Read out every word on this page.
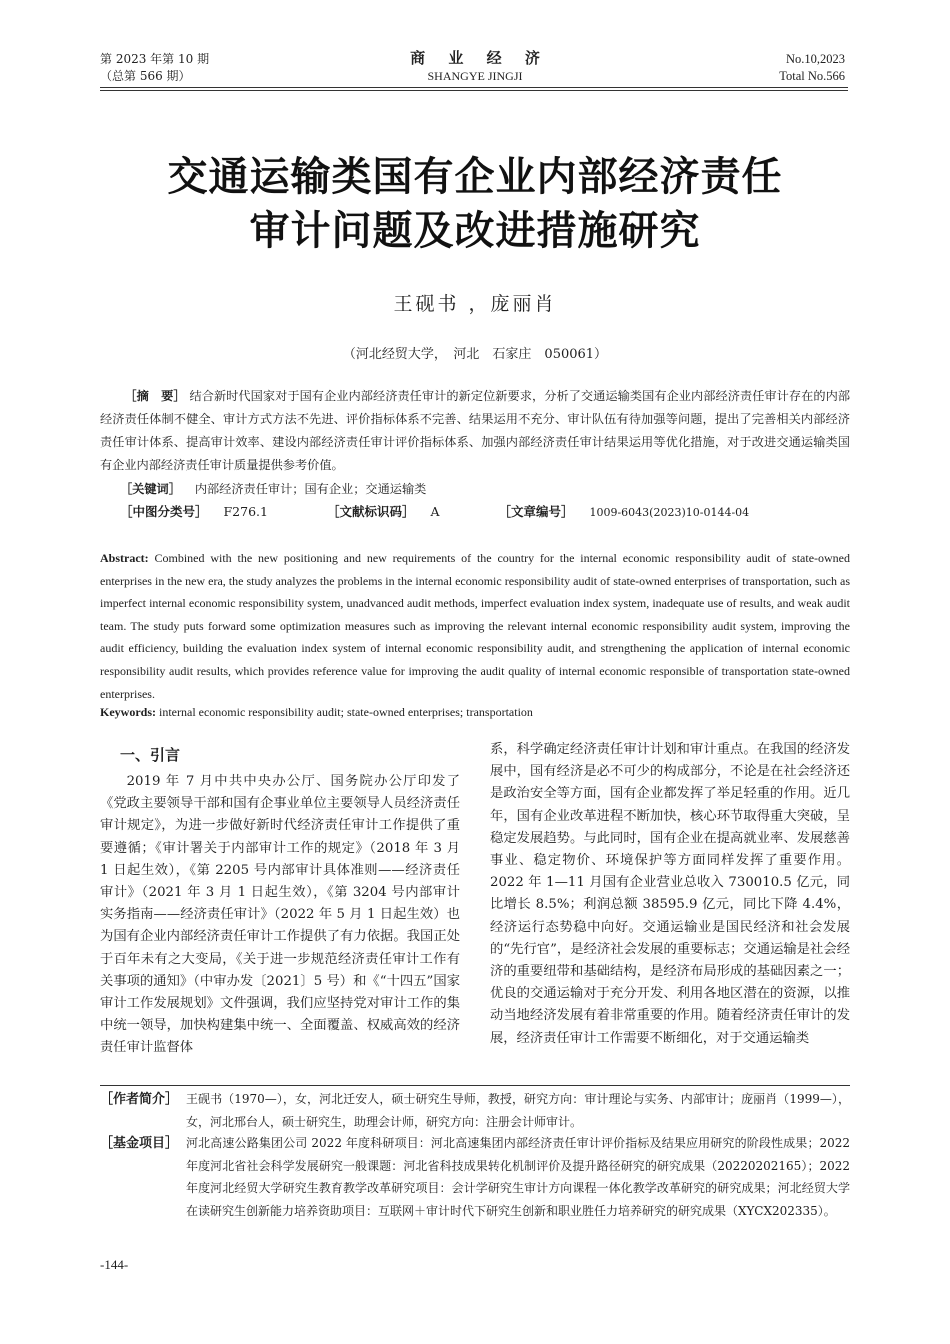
第 2023 年第 10 期
（总第 566 期）
商 业 经 济
SHANGYE JINGJI
No.10,2023
Total No.566
交通运输类国有企业内部经济责任
审计问题及改进措施研究
王砚书 ，庞丽肖
（河北经贸大学，　河北　石家庄　050061）
［摘　要］ 结合新时代国家对于国有企业内部经济责任审计的新定位新要求，分析了交通运输类国有企业内部经济责任审计存在的内部经济责任体制不健全、审计方式方法不先进、评价指标体系不完善、结果运用不充分、审计队伍有待加强等问题，提出了完善相关内部经济责任审计体系、提高审计效率、建设内部经济责任审计评价指标体系、加强内部经济责任审计结果运用等优化措施，对于改进交通运输类国有企业内部经济责任审计质量提供参考价值。
［关键词］ 内部经济责任审计；国有企业；交通运输类
［中图分类号］ F276.1	［文献标识码］ A	［文章编号］ 1009-6043(2023)10-0144-04
Abstract: Combined with the new positioning and new requirements of the country for the internal economic responsibility audit of state-owned enterprises in the new era, the study analyzes the problems in the internal economic responsibility audit of state-owned enterprises of transportation, such as imperfect internal economic responsibility system, unadvanced audit methods, imperfect evaluation index system, inadequate use of results, and weak audit team. The study puts forward some optimization measures such as improving the relevant internal economic responsibility audit system, improving the audit efficiency, building the evaluation index system of internal economic responsibility audit, and strengthening the application of internal economic responsibility audit results, which provides reference value for improving the audit quality of internal economic responsible of transportation state-owned enterprises.
Keywords: internal economic responsibility audit; state-owned enterprises; transportation
一、引言
2019 年 7 月中共中央办公厅、国务院办公厅印发了《党政主要领导干部和国有企事业单位主要领导人员经济责任审计规定》，为进一步做好新时代经济责任审计工作提供了重要遵循；《审计署关于内部审计工作的规定》（2018 年 3 月 1 日起生效），《第 2205 号内部审计具体准则——经济责任审计》（2021 年 3 月 1 日起生效），《第 3204 号内部审计实务指南——经济责任审计》（2022 年 5 月 1 日起生效）也为国有企业内部经济责任审计工作提供了有力依据。我国正处于百年未有之大变局，《关于进一步规范经济责任审计工作有关事项的通知》（中审办发〔2021〕5 号）和《“十四五”国家审计工作发展规划》文件强调，我们应坚持党对审计工作的集中统一领导，加快构建集中统一、全面覆盖、权威高效的经济责任审计监督体
系，科学确定经济责任审计计划和审计重点。在我国的经济发展中，国有经济是必不可少的构成部分，不论是在社会经济还是政治安全等方面，国有企业都发挥了举足轻重的作用。近几年，国有企业改革进程不断加快，核心环节取得重大突破，呈稳定发展趋势。与此同时，国有企业在提高就业率、发展慈善事业、稳定物价、环境保护等方面同样发挥了重要作用。2022 年 1—11 月国有企业营业总收入 730010.5 亿元，同比增长 8.5%；利润总额 38595.9 亿元，同比下降 4.4%，经济运行态势稳中向好。交通运输业是国民经济和社会发展的“先行官”，是经济社会发展的重要标志；交通运输是社会经济的重要纽带和基础结构，是经济布局形成的基础因素之一；优良的交通运输对于充分开发、利用各地区潜在的资源，以推动当地经济发展有着非常重要的作用。随着经济责任审计的发展，经济责任审计工作需要不断细化，对于交通运输类
［作者简介］ 王砚书（1970—），女，河北迁安人，硕士研究生导师，教授，研究方向：审计理论与实务、内部审计；庞丽肖（1999—），女，河北邢台人，硕士研究生，助理会计师，研究方向：注册会计师审计。
［基金项目］ 河北高速公路集团公司 2022 年度科研项目：河北高速集团内部经济责任审计评价指标及结果应用研究的阶段性成果；2022 年度河北省社会科学发展研究一般课题：河北省科技成果转化机制评价及提升路径研究的研究成果（20220202165）；2022 年度河北经贸大学研究生教育教学改革研究项目：会计学研究生审计方向课程一体化教学改革研究的研究成果；河北经贸大学在读研究生创新能力培养资助项目：互联网＋审计时代下研究生创新和职业胜任力培养研究的研究成果（XYCX202335）。
-144-
